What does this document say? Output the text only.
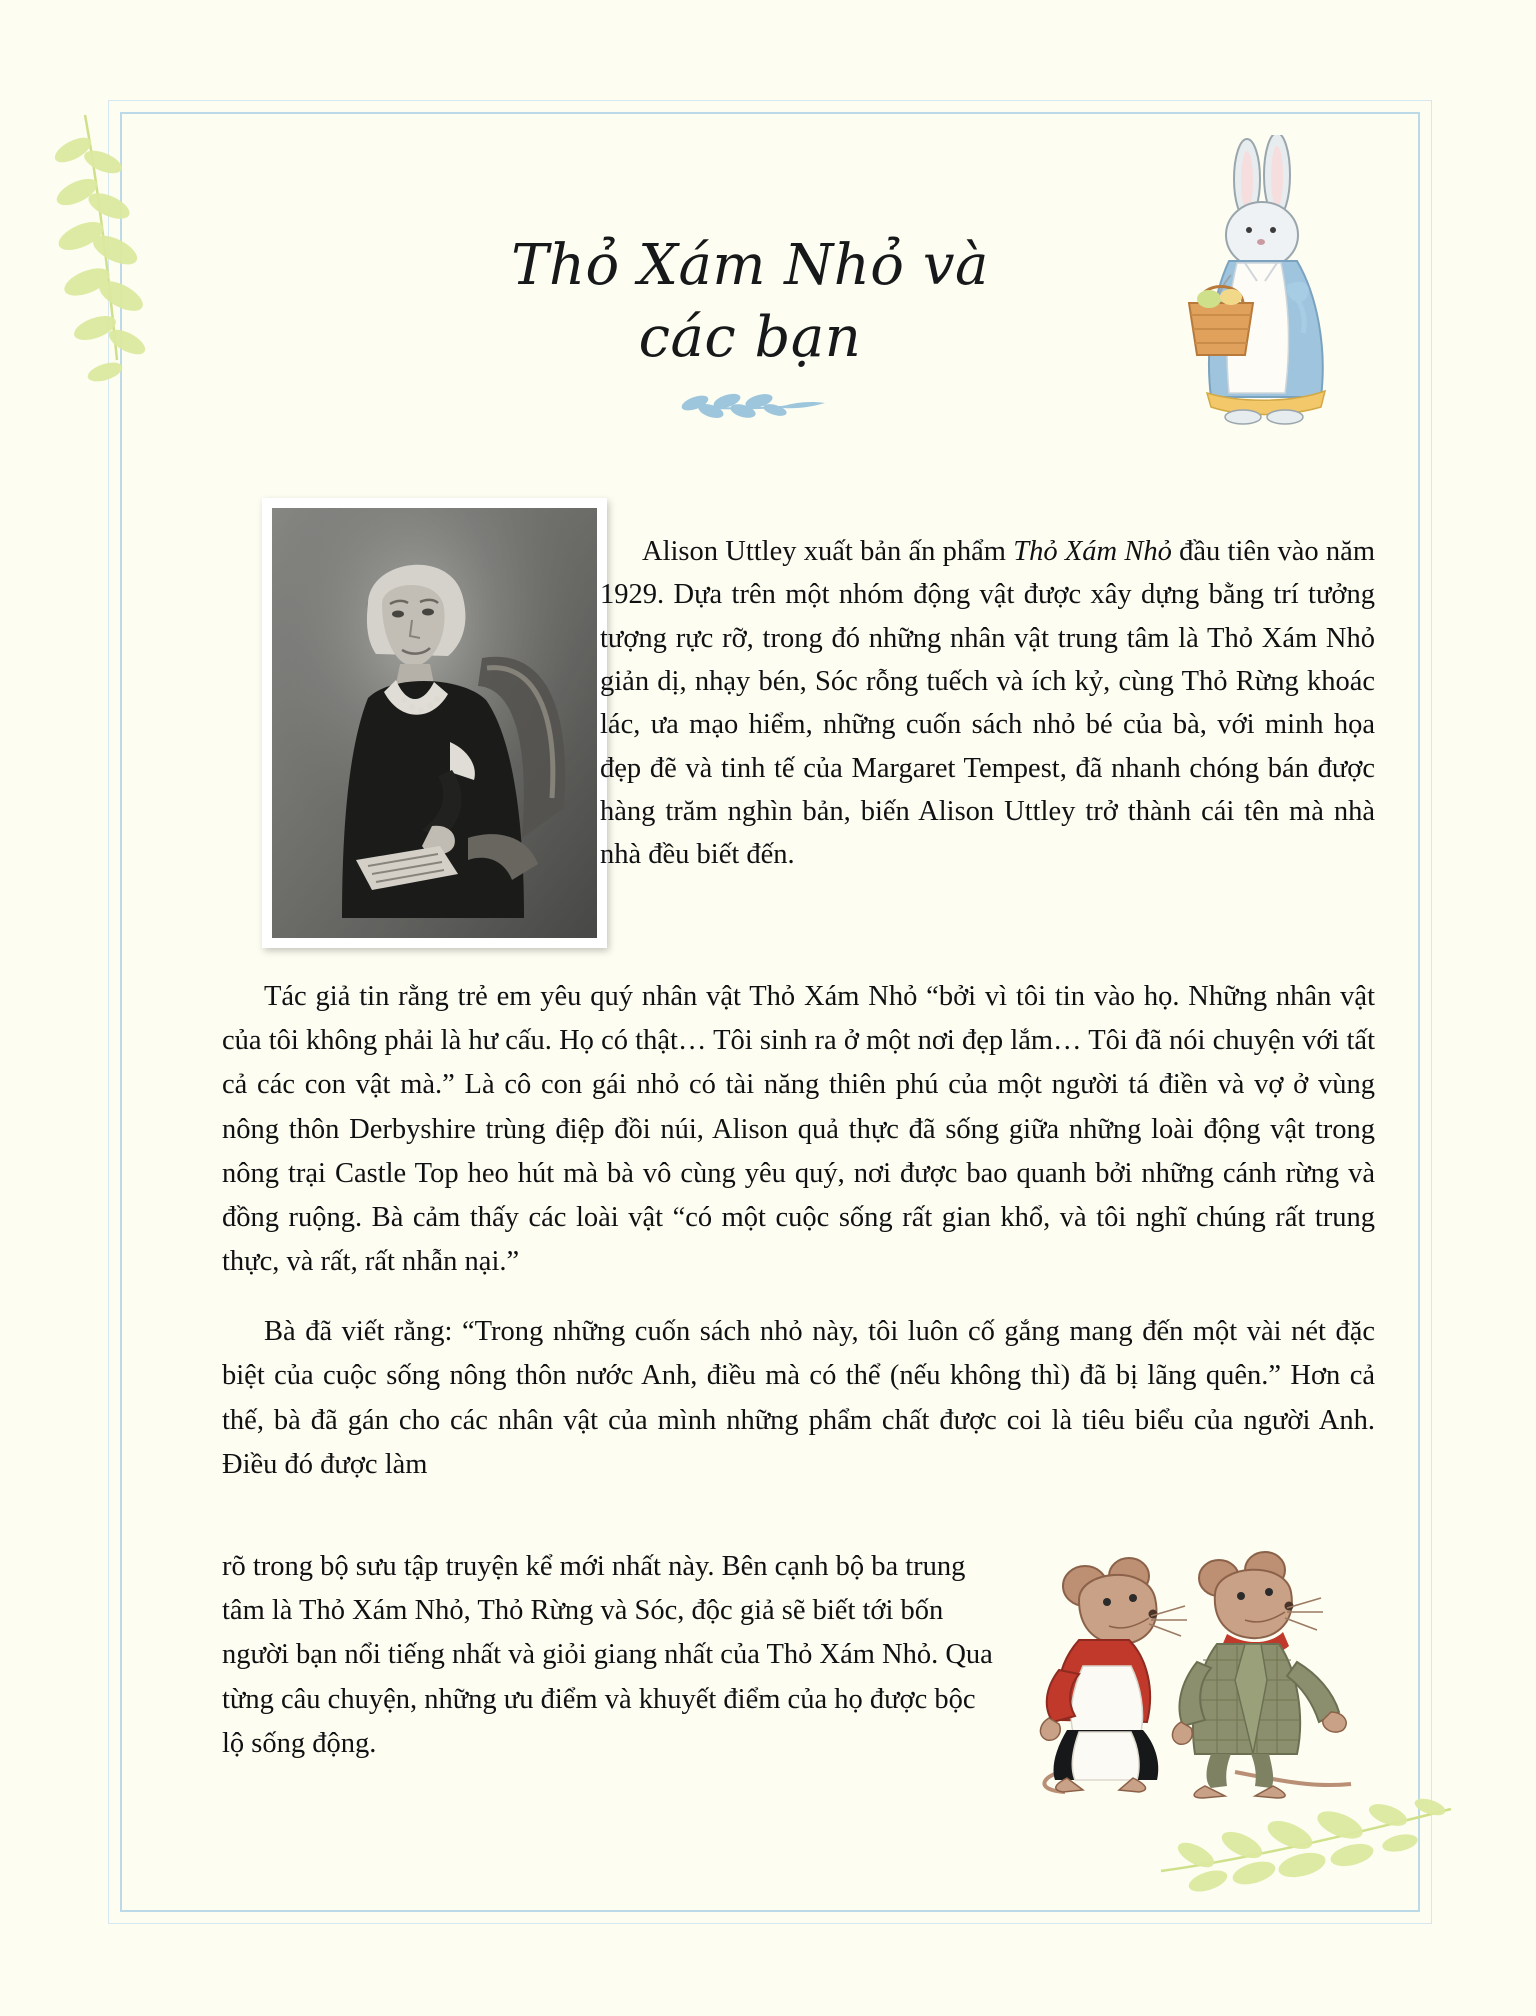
Thỏ Xám Nhỏ và
các bạn

Alison Uttley xuất bản ấn phẩm Thỏ Xám Nhỏ đầu tiên vào năm 1929. Dựa trên một nhóm động vật được xây dựng bằng trí tưởng tượng rực rỡ, trong đó những nhân vật trung tâm là Thỏ Xám Nhỏ giản dị, nhạy bén, Sóc rỗng tuếch và ích kỷ, cùng Thỏ Rừng khoác lác, ưa mạo hiểm, những cuốn sách nhỏ bé của bà, với minh họa đẹp đẽ và tinh tế của Margaret Tempest, đã nhanh chóng bán được hàng trăm nghìn bản, biến Alison Uttley trở thành cái tên mà nhà nhà đều biết đến.

Tác giả tin rằng trẻ em yêu quý nhân vật Thỏ Xám Nhỏ “bởi vì tôi tin vào họ. Những nhân vật của tôi không phải là hư cấu. Họ có thật… Tôi sinh ra ở một nơi đẹp lắm… Tôi đã nói chuyện với tất cả các con vật mà.” Là cô con gái nhỏ có tài năng thiên phú của một người tá điền và vợ ở vùng nông thôn Derbyshire trùng điệp đồi núi, Alison quả thực đã sống giữa những loài động vật trong nông trại Castle Top heo hút mà bà vô cùng yêu quý, nơi được bao quanh bởi những cánh rừng và đồng ruộng. Bà cảm thấy các loài vật “có một cuộc sống rất gian khổ, và tôi nghĩ chúng rất trung thực, và rất, rất nhẫn nại.”

Bà đã viết rằng: “Trong những cuốn sách nhỏ này, tôi luôn cố gắng mang đến một vài nét đặc biệt của cuộc sống nông thôn nước Anh, điều mà có thể (nếu không thì) đã bị lãng quên.” Hơn cả thế, bà đã gán cho các nhân vật của mình những phẩm chất được coi là tiêu biểu của người Anh. Điều đó được làm

rõ trong bộ sưu tập truyện kể mới nhất này. Bên cạnh bộ ba trung tâm là Thỏ Xám Nhỏ, Thỏ Rừng và Sóc, độc giả sẽ biết tới bốn người bạn nổi tiếng nhất và giỏi giang nhất của Thỏ Xám Nhỏ. Qua từng câu chuyện, những ưu điểm và khuyết điểm của họ được bộc lộ sống động.
